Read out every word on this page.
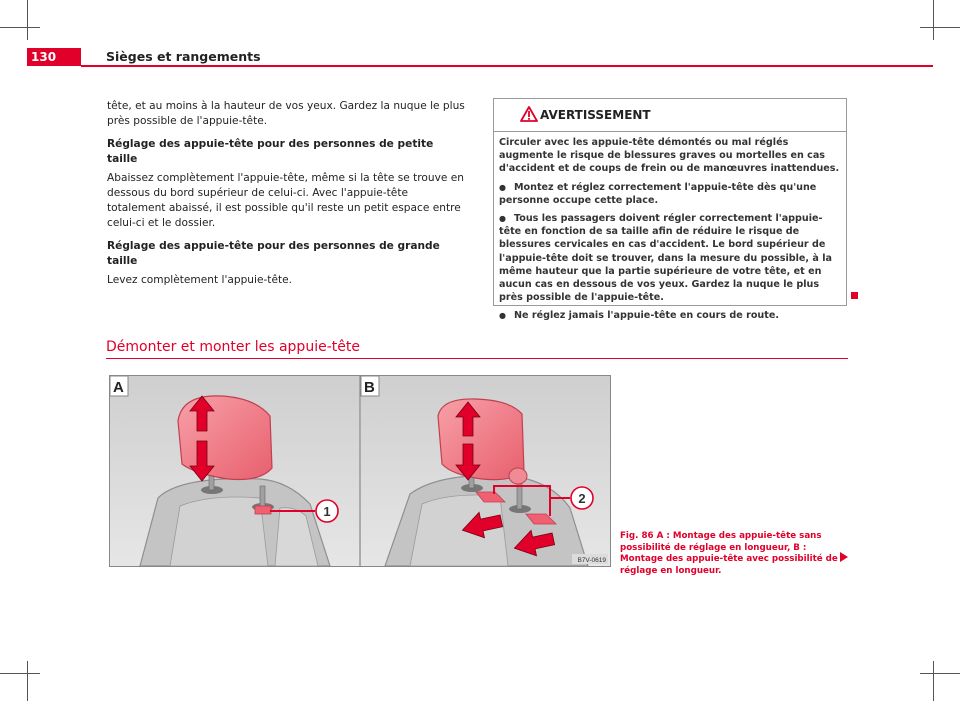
130	Sièges et rangements

tête, et au moins à la hauteur de vos yeux. Gardez la nuque le plus près possible de l'appuie-tête.

Réglage des appuie-tête pour des personnes de petite taille

Abaissez complètement l'appuie-tête, même si la tête se trouve en dessous du bord supérieur de celui-ci. Avec l'appuie-tête totalement abaissé, il est possible qu'il reste un petit espace entre celui-ci et le dossier.

Réglage des appuie-tête pour des personnes de grande taille

Levez complètement l'appuie-tête.

AVERTISSEMENT

Circuler avec les appuie-tête démontés ou mal réglés augmente le risque de blessures graves ou mortelles en cas d'accident et de coups de frein ou de manœuvres inattendues.

● Montez et réglez correctement l'appuie-tête dès qu'une personne occupe cette place.

● Tous les passagers doivent régler correctement l'appuie-tête en fonction de sa taille afin de réduire le risque de blessures cervicales en cas d'accident. Le bord supérieur de l'appuie-tête doit se trouver, dans la mesure du possible, à la même hauteur que la partie supérieure de votre tête, et en aucun cas en dessous de vos yeux. Gardez la nuque le plus près possible de l'appuie-tête.

● Ne réglez jamais l'appuie-tête en cours de route.

Démonter et monter les appuie-tête
A
1
B
2
B7V-0619
Fig. 86 A : Montage des appuie-tête sans possibilité de réglage en longueur, B : Montage des appuie-tête avec possibilité de réglage en longueur.
